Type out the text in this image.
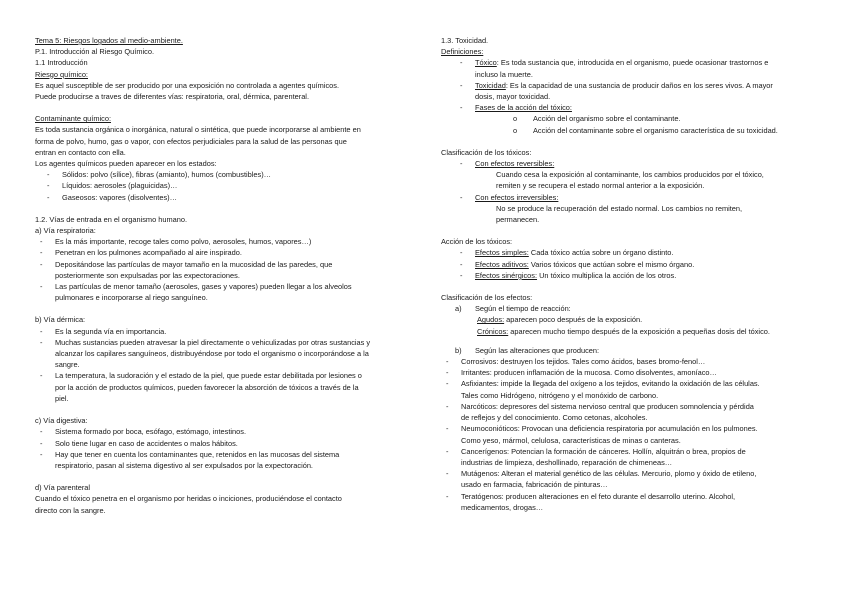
Tema 5: Riesgos logados al medio-ambiente.
P.1. Introducción al Riesgo Químico.
1.1 Introducción
Riesgo químico:
Es aquel susceptible de ser producido por una exposición no controlada a agentes químicos.
Puede producirse a traves de diferentes vías: respiratoria, oral, dérmica, parenteral.
Contaminante químico:
Es toda sustancia orgánica o inorgánica, natural o sintética, que puede incorporarse al ambiente en
forma de polvo, humo, gas o vapor, con efectos perjudiciales para la salud de las personas que
entran en contacto con ella.
Los agentes químicos pueden aparecer en los estados:
- Sólidos: polvo (sílice), fibras (amianto), humos (combustibles)…
- Líquidos: aerosoles (plaguicidas)…
- Gaseosos: vapores (disolventes)…
1.2. Vías de entrada en el organismo humano.
a) Vía respiratoria:
- Es la más importante, recoge tales como polvo, aerosoles, humos, vapores…)
- Penetran en los pulmones acompañado al aire inspirado.
- Depositándose las partículas de mayor tamaño en la mucosidad de las paredes, que
posteriormente son expulsadas por las expectoraciones.
- Las partículas de menor tamaño (aerosoles, gases y vapores) pueden llegar a los alveolos
pulmonares e incorporarse al riego sanguíneo.
b) Vía dérmica:
- Es la segunda vía en importancia.
- Muchas sustancias pueden atravesar la piel directamente o vehiculizadas por otras sustancias y
alcanzar los capilares sanguíneos, distribuyéndose por todo el organismo o incorporándose a la
sangre.
- La temperatura, la sudoración y el estado de la piel, que puede estar debilitada por lesiones o
por la acción de productos químicos, pueden favorecer la absorción de tóxicos a través de la
piel.
c) Vía digestiva:
- Sistema formado por boca, esófago, estómago, intestinos.
- Solo tiene lugar en caso de accidentes o malos hábitos.
- Hay que tener en cuenta los contaminantes que, retenidos en las mucosas del sistema
respiratorio, pasan al sistema digestivo al ser expulsados por la expectoración.
d) Vía parenteral
Cuando el tóxico penetra en el organismo por heridas o inciciones, produciéndose el contacto
directo con la sangre.
1.3. Toxicidad.
Definiciones:
- Tóxico: Es toda sustancia que, introducida en el organismo, puede ocasionar trastornos e
incluso la muerte.
- Toxicidad: Es la capacidad de una sustancia de producir daños en los seres vivos. A mayor
dosis, mayor toxicidad.
- Fases de la acción del tóxico:
o Acción del organismo sobre el contaminante.
o Acción del contaminante sobre el organismo característica de su toxicidad.
Clasificación de los tóxicos:
- Con efectos reversibles:
Cuando cesa la exposición al contaminante, los cambios producidos por el tóxico,
remiten y se recupera el estado normal anterior a la exposición.
- Con efectos irreversibles:
No se produce la recuperación del estado normal. Los cambios no remiten,
permanecen.
Acción de los tóxicos:
- Efectos simples: Cada tóxico actúa sobre un órgano distinto.
- Efectos aditivos: Varios tóxicos que actúan sobre el mismo órgano.
- Efectos sinérgicos: Un tóxico multiplica la acción de los otros.
Clasificación de los efectos:
a) Según el tiempo de reacción:
Agudos: aparecen poco después de la exposición.
Crónicos: aparecen mucho tiempo después de la exposición a pequeñas dosis del tóxico.
b) Según las alteraciones que producen:
- Corrosivos: destruyen los tejidos. Tales como ácidos, bases bromo-fenol…
- Irritantes: producen inflamación de la mucosa. Como disolventes, amoníaco…
- Asfixiantes: impide la llegada del oxígeno a los tejidos, evitando la oxidación de las células.
Tales como Hidrógeno, nitrógeno y el monóxido de carbono.
- Narcóticos: depresores del sistema nervioso central que producen somnolencia y pérdida
de reflejos y del conocimiento. Como cetonas, alcoholes.
- Neumoconióticos: Provocan una deficiencia respiratoria por acumulación en los pulmones.
Como yeso, mármol, celulosa, características de minas o canteras.
- Cancerígenos: Potencian la formación de cánceres. Hollín, alquitrán o brea, propios de
industrias de limpieza, deshollinado, reparación de chimeneas…
- Mutágenos: Alteran el material genético de las células. Mercurio, plomo y óxido de etileno,
usado en farmacia, fabricación de pinturas…
- Teratógenos: producen alteraciones en el feto durante el desarrollo uterino. Alcohol,
medicamentos, drogas…
